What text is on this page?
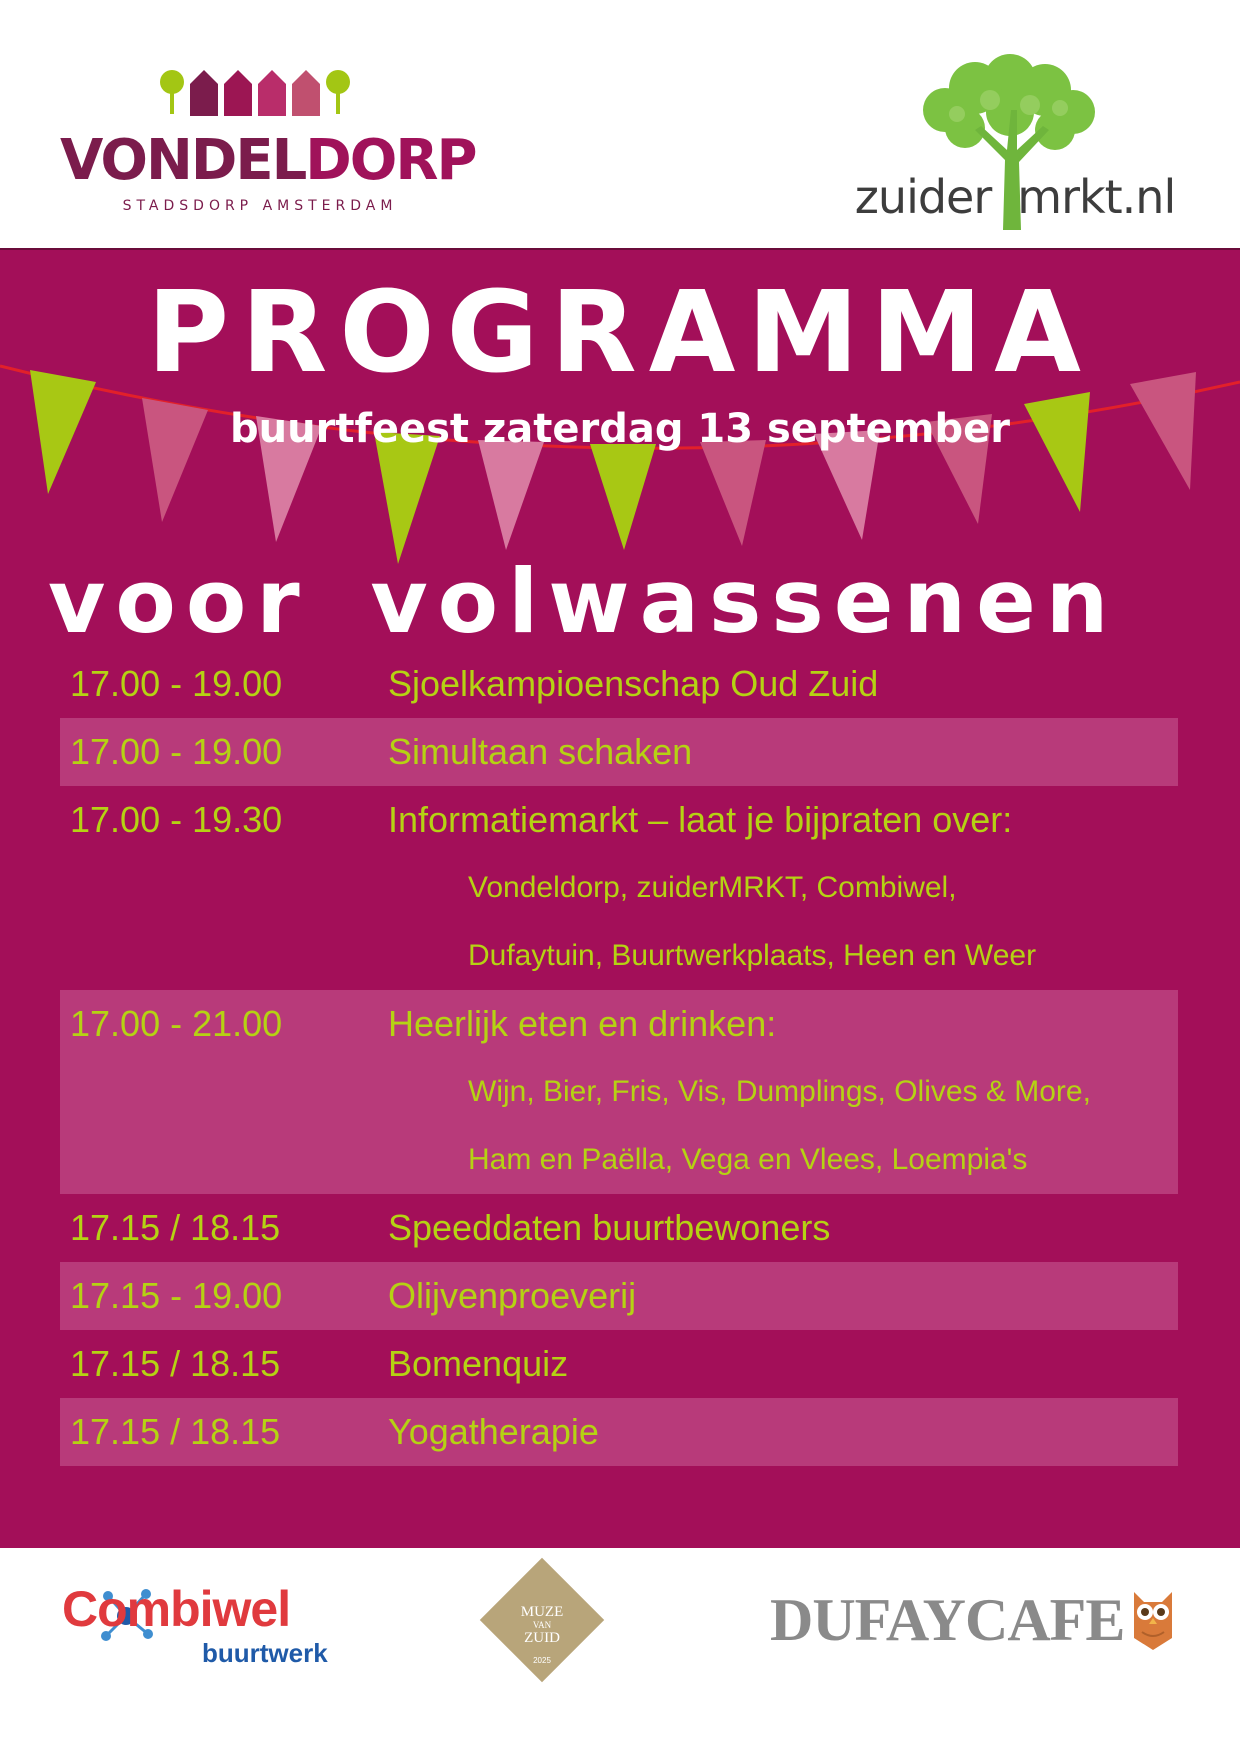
VONDELDORP
STADSDORP AMSTERDAM	zuider mrkt.nl
PROGRAMMA
buurtfeest zaterdag 13 september
voor volwassenen
17.00 - 19.00	Sjoelkampioenschap Oud Zuid
17.00 - 19.00	Simultaan schaken
17.00 - 19.30	Informatiemarkt – laat je bijpraten over:
Vondeldorp, zuiderMRKT, Combiwel,
Dufaytuin, Buurtwerkplaats, Heen en Weer
17.00 - 21.00	Heerlijk eten en drinken:
Wijn, Bier, Fris, Vis, Dumplings, Olives & More,
Ham en Paëlla, Vega en Vlees, Loempia's
17.15 / 18.15	Speeddaten buurtbewoners
17.15 - 19.00	Olijvenproeverij
17.15 / 18.15	Bomenquiz
17.15 / 18.15	Yogatherapie
Combiwel
buurtwerk
MUZE
VAN
ZUID
2025
DUFAYCAFE
